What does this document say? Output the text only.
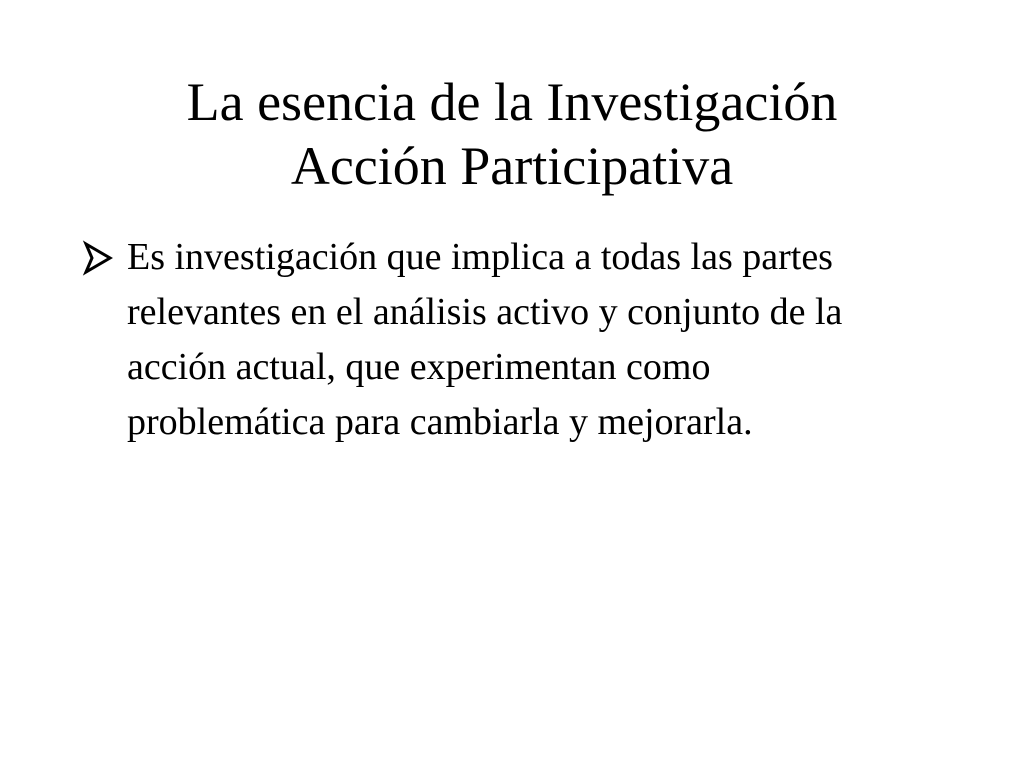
La esencia de la Investigación
Acción Participativa
Es investigación que implica a todas las partes relevantes en el análisis activo y conjunto de la acción actual, que experimentan como problemática para cambiarla y mejorarla.
